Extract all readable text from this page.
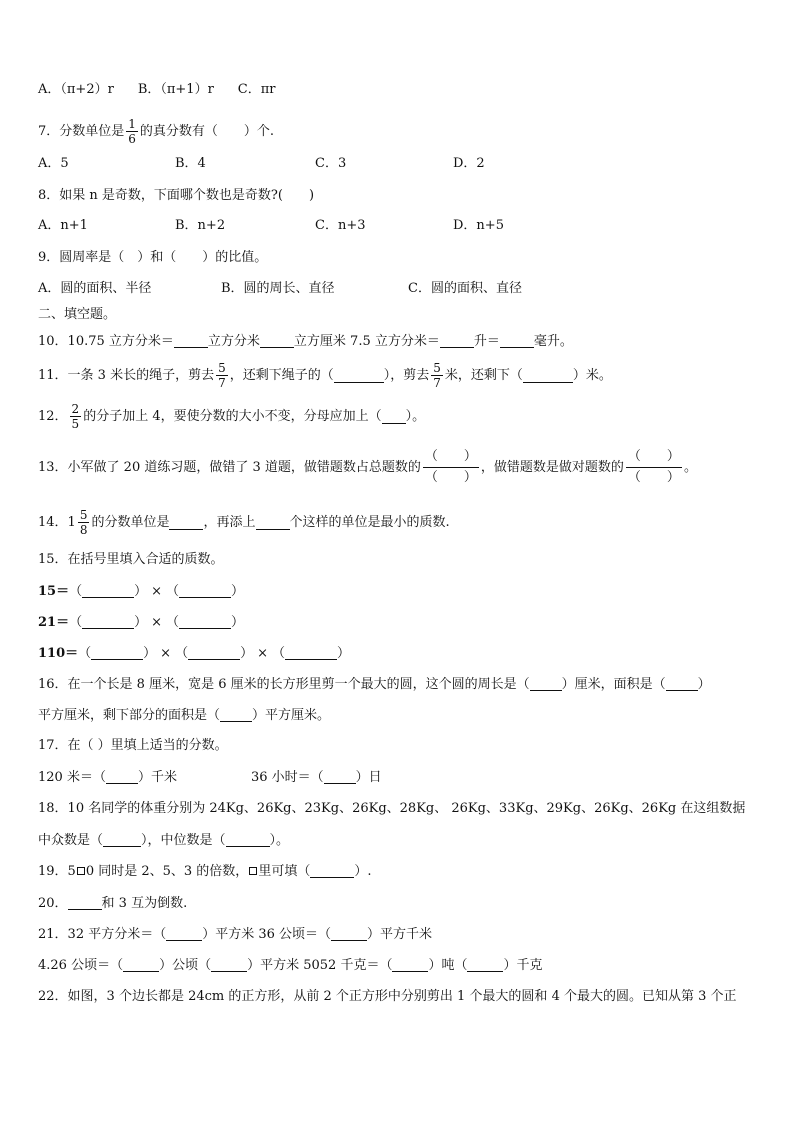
A．（π+2）r B．（π+1）r C．πr
7．分数单位是 $\frac{1}{6}$ 的真分数有（　　）个.
A．5	B．4	C．3	D．2
8．如果 n 是奇数，下面哪个数也是奇数?(　　)
A．n+1	B．n+2	C．n+3	D．n+5
9．圆周率是（　）和（　　）的比值。
A．圆的面积、半径	B．圆的周长、直径	C．圆的面积、直径
二、填空题。
10．10.75 立方分米＝	立方分米	立方厘米 7.5 立方分米＝	升＝	毫升。
11．一条 3 米长的绳子，剪去 $\frac{5}{7}$ ，还剩下绳子的（	），剪去 $\frac{5}{7}$ 米，还剩下（	）米。
12． $\frac{2}{5}$ 的分子加上 4，要使分数的大小不变，分母应加上（ ）。
13．小军做了 20 道练习题，做错了 3 道题，做错题数占总题数的
（　　）
（　　）
，做错题数是做对题数的
（　　）
（　　）
。
14．$1 \frac{5}{8}$ 的分数单位是	，再添上	个这样的单位是最小的质数.
15．在括号里填入合适的质数。
15＝ （	） × （	）
21＝ （	） × （	）
110＝ （	） × （	） × （	）
16．在一个长是 8 厘米，宽是 6 厘米的长方形里剪一个最大的圆，这个圆的周长是（ ）厘米，面积是（ ）
平方厘米，剩下部分的面积是（ ）平方厘米。
17．在（ ）里填上适当的分数。
120 米＝（ ）千米	36 小时＝（ ）日
18．10 名同学的体重分别为 24Kg、26Kg、23Kg、26Kg、28Kg、 26Kg、33Kg、29Kg、26Kg、26Kg 在这组数据
中众数是（	），中位数是（	）。
19．5 0 同时是 2、5、3 的倍数， 里可填（	）.
20．	和 3 互为倒数.
21．32 平方分米＝（	）平方米 36 公顷＝（	）平方千米
4.26 公顷＝（	）公顷（	）平方米 5052 千克＝（	）吨（	）千克
22．如图，3 个边长都是 24cm 的正方形，从前 2 个正方形中分别剪出 1 个最大的圆和 4 个最大的圆。已知从第 3 个正
